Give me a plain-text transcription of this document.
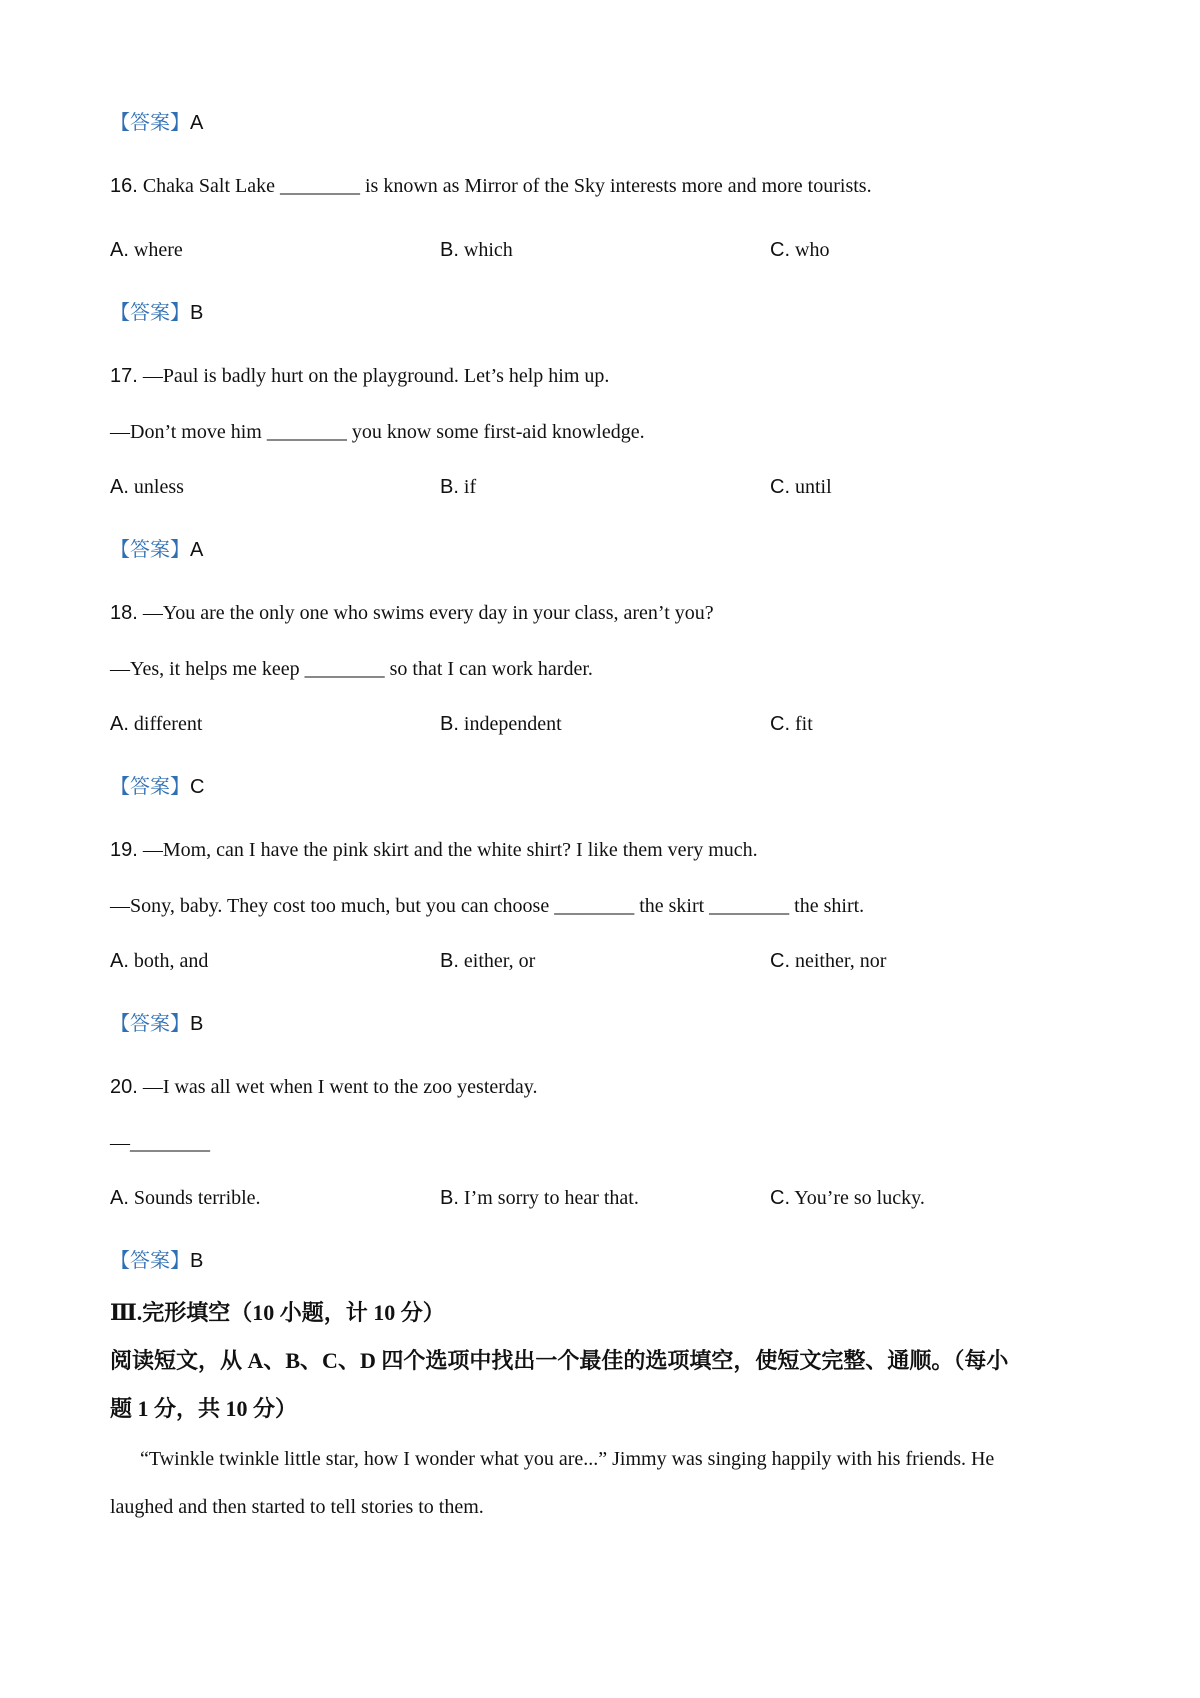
【答案】A
16. Chaka Salt Lake ________ is known as Mirror of the Sky interests more and more tourists.
A. where	B. which	C. who
【答案】B
17. —Paul is badly hurt on the playground. Let’s help him up.
—Don’t move him ________ you know some first-aid knowledge.
A. unless	B. if	C. until
【答案】A
18. —You are the only one who swims every day in your class, aren’t you?
—Yes, it helps me keep ________ so that I can work harder.
A. different	B. independent	C. fit
【答案】C
19. —Mom, can I have the pink skirt and the white shirt? I like them very much.
—Sony, baby. They cost too much, but you can choose ________ the skirt ________ the shirt.
A. both, and	B. either, or	C. neither, nor
【答案】B
20. —I was all wet when I went to the zoo yesterday.
—________
A. Sounds terrible.	B. I’m sorry to hear that.	C. You’re so lucky.
【答案】B
Ⅲ.完形填空（10 小题，计 10 分）
阅读短文，从 A、B、C、D 四个选项中找出一个最佳的选项填空，使短文完整、通顺。（每小
题 1 分，共 10 分）
“Twinkle twinkle little star, how I wonder what you are...” Jimmy was singing happily with his friends. He
laughed and then started to tell stories to them.
